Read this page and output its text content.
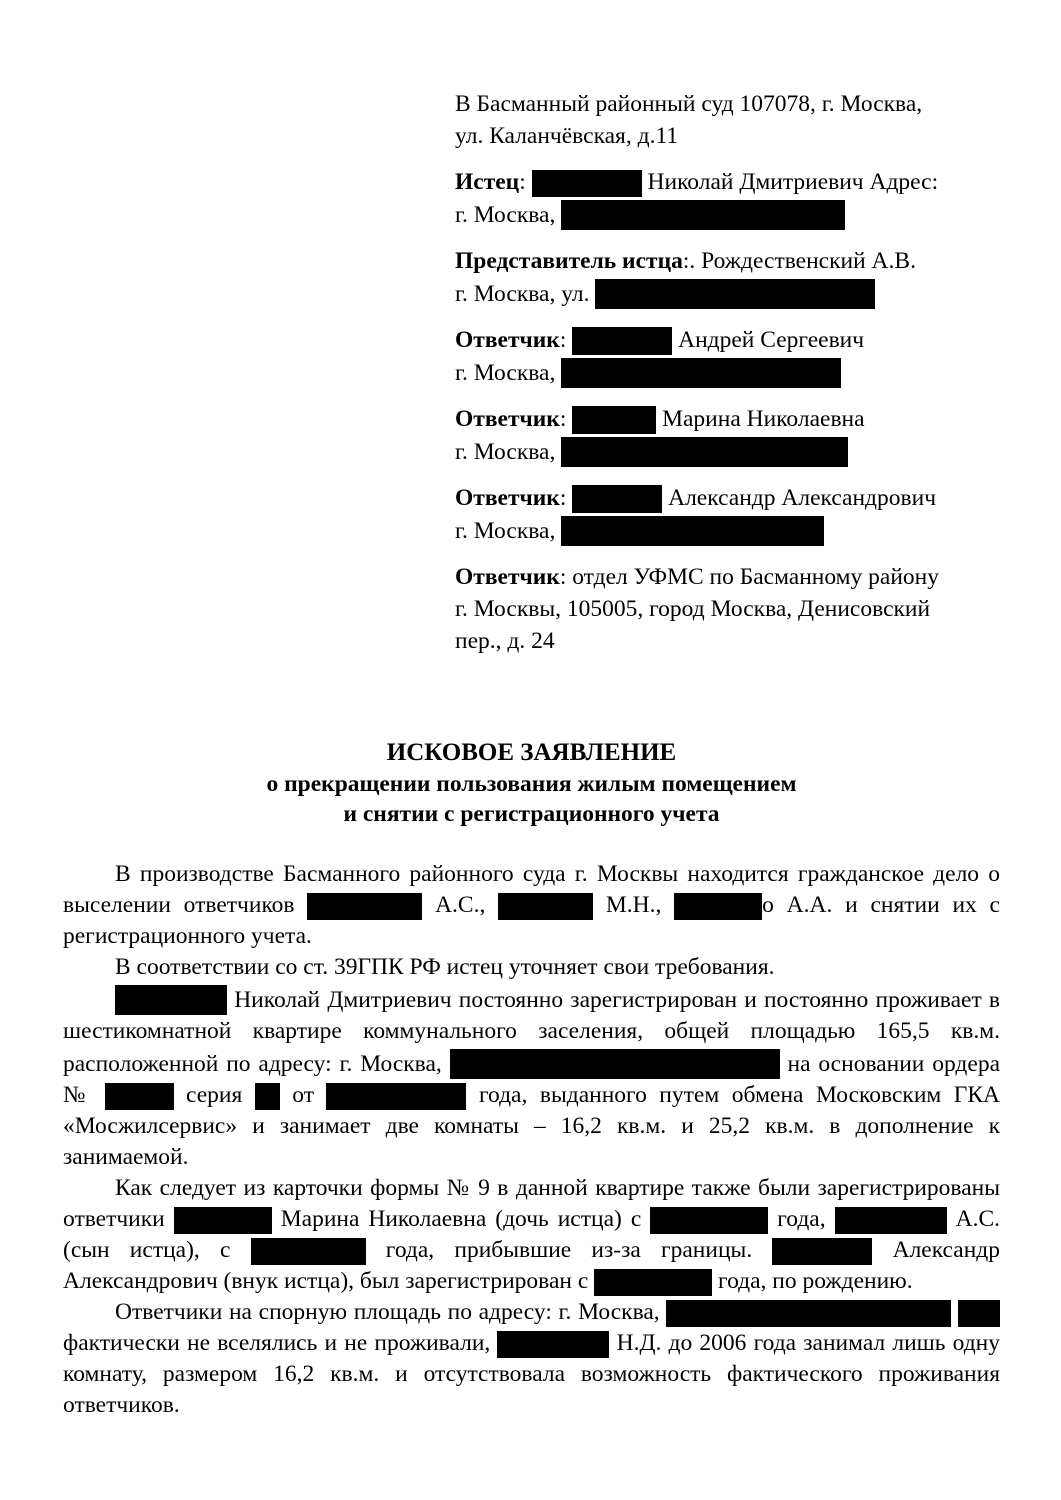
В Басманный районный суд 107078, г. Москва,
ул. Каланчёвская, д.11
Истец:	Николай Дмитриевич Адрес:
г. Москва,
Представитель истца:. Рождественский А.В.
г. Москва, ул.
Ответчик:	Андрей Сергеевич
г. Москва,
Ответчик:	Марина Николаевна
г. Москва,
Ответчик:	Александр Александрович
г. Москва,
Ответчик: отдел УФМС по Басманному району
г. Москвы, 105005, город Москва, Денисовский
пер., д. 24
ИСКОВОЕ ЗАЯВЛЕНИЕ
о прекращении пользования жилым помещением
и снятии с регистрационного учета

В производстве Басманного районного суда г. Москвы находится гражданское дело о выселении ответчиков	А.С.,	М.Н.,	о А.А. и снятии их с регистрационного учета.

В соответствии со ст. 39ГПК РФ истец уточняет свои требования.

Николай Дмитриевич постоянно зарегистрирован и постоянно проживает в шестикомнатной квартире коммунального заселения, общей площадью 165,5 кв.м. расположенной по адресу: г. Москва,	на основании ордера №	серия  от	года, выданного путем обмена Московским ГКА «Мосжилсервис» и занимает две комнаты – 16,2 кв.м. и 25,2 кв.м. в дополнение к занимаемой.

Как следует из карточки формы № 9 в данной квартире также были зарегистрированы ответчики	Марина Николаевна (дочь истца) с	года,	А.С. (сын истца), с	года, прибывшие из-за границы.	Александр Александрович (внук истца), был зарегистрирован с	года, по рождению.

Ответчики на спорную площадь по адресу: г. Москва,   фактически не вселялись и не проживали,	Н.Д. до 2006 года занимал лишь одну комнату, размером 16,2 кв.м. и отсутствовала возможность фактического проживания ответчиков.
